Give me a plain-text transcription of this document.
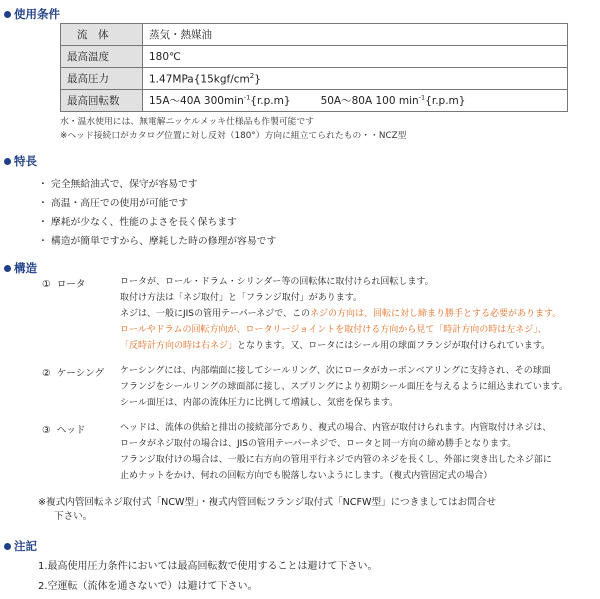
使用条件
流　体	蒸気・熱媒油
最高温度	180℃
最高圧力	$1.47MPa\{15kgf/cm^2\}$
最高回転数	15A～40A $300\min^{-1}\{r.p.m\}$ 50A～80A 100 $\min^{-1}\{r.p.m\}$
水・温水使用には、無電解ニッケルメッキ仕様品も作製可能です
※ヘッド接続口がカタログ位置に対し反対（180°）方向に組立てられたもの・・NCZ型
特長
・ 完全無給油式で、保守が容易です
・ 高温・高圧での使用が可能です
・ 摩耗が少なく、性能のよさを長く保ちます
・ 構造が簡単ですから、摩耗した時の修理が容易です
構造
① ロータ	ロータが、ロール・ドラム・シリンダー等の回転体に取付けられ回転します。
取付け方法は「ネジ取付」と「フランジ取付」があります。
ネジは、一般にJISの管用テーパーネジで、このネジの方向は、回転に対し締まり勝手とする必要があります。
ロールやドラムの回転方向が、ロータリージョイントを取付ける方向から見て「時計方向の時は左ネジ」、
「反時計方向の時は右ネジ」となります。又、ロータにはシール用の球面フランジが取付けられています。
② ケーシング ケーシングには、内部端面に接してシールリング、次にロータがカーボンベアリングに支持され、その球面
フランジをシールリングの球面部に接し、スプリングにより初期シール面圧を与えるように組込まれています。
シール面圧は、内部の流体圧力に比例して増減し、気密を保ちます。
③ ヘッド	ヘッドは、流体の供給と排出の接続部分であり、複式の場合、内管が取付けられます。内管取付けネジは、
ロータがネジ取付の場合は、JISの管用テーパーネジで、ロータと同一方向の締め勝手となります。
フランジ取付けの場合は、一般に右方向の管用平行ネジで内管のネジを長くし、外部に突き出したネジ部に
止めナットをかけ、何れの回転方向でも脱落しないようにします。（複式内管固定式の場合）
※複式内管回転ネジ取付式「NCW型」・複式内管回転フランジ取付式「NCFW型」につきましてはお問合せ
下さい。
注記
1.最高使用圧力条件においては最高回転数で使用することは避けて下さい。
2.空運転（流体を通さないで）は避けて下さい。
